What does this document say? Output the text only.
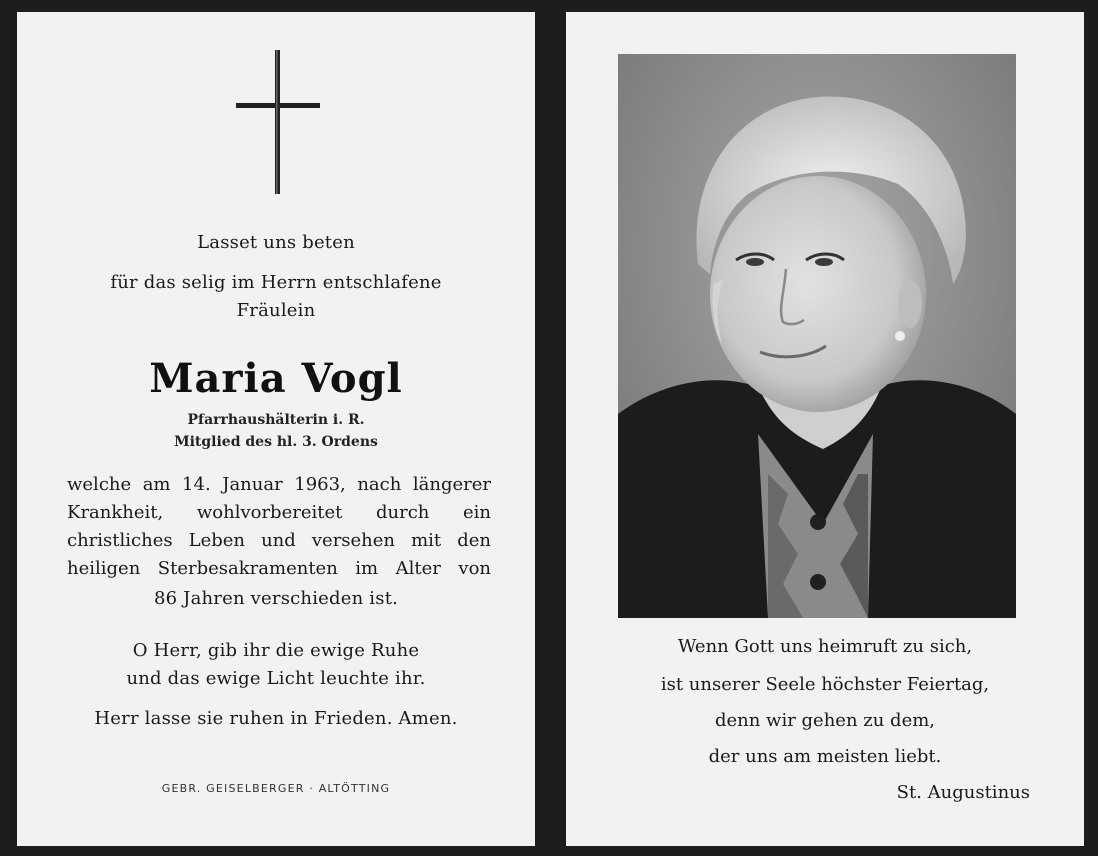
Lasset uns beten
für das selig im Herrn entschlafene
Fräulein
Maria Vogl
Pfarrhaushälterin i. R.
Mitglied des hl. 3. Ordens
welche am 14. Januar 1963, nach längerer
Krankheit, wohlvorbereitet durch ein
christliches Leben und versehen mit den
heiligen Sterbesakramenten im Alter von
86 Jahren verschieden ist.
O Herr, gib ihr die ewige Ruhe
und das ewige Licht leuchte ihr.
Herr lasse sie ruhen in Frieden. Amen.
GEBR. GEISELBERGER · ALTÖTTING
Wenn Gott uns heimruft zu sich,
ist unserer Seele höchster Feiertag,
denn wir gehen zu dem,
der uns am meisten liebt.
St. Augustinus
